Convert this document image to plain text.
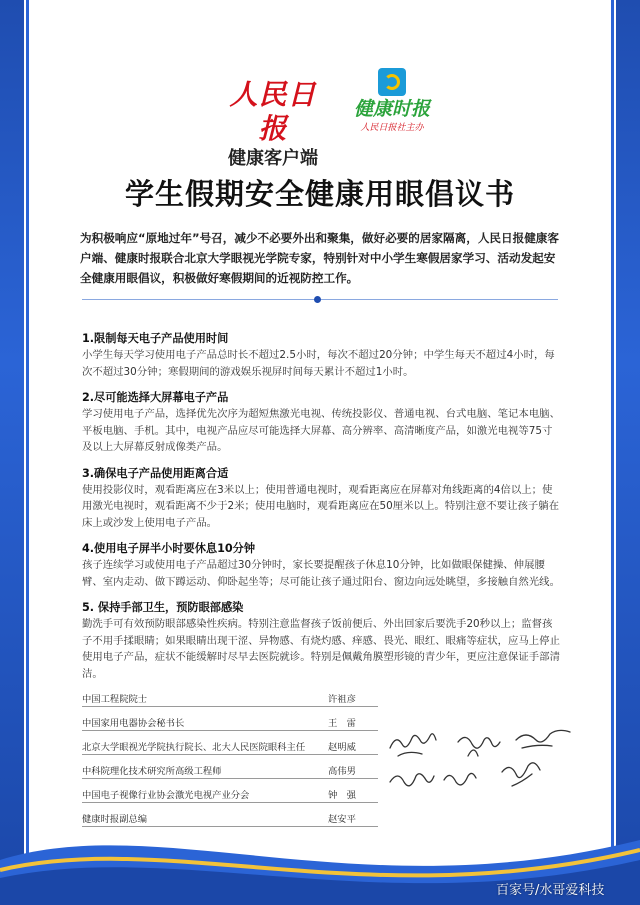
人民日报
健康客户端
健康时报
人民日报社主办
学生假期安全健康用眼倡议书
为积极响应“原地过年”号召，减少不必要外出和聚集，做好必要的居家隔离，人民日报健康客户端、健康时报联合北京大学眼视光学院专家，特别针对中小学生寒假居家学习、活动发起安全健康用眼倡议，积极做好寒假期间的近视防控工作。
1.限制每天电子产品使用时间

小学生每天学习使用电子产品总时长不超过2.5小时，每次不超过20分钟；中学生每天不超过4小时，每次不超过30分钟；寒假期间的游戏娱乐视屏时间每天累计不超过1小时。

2.尽可能选择大屏幕电子产品

学习使用电子产品，选择优先次序为超短焦激光电视、传统投影仪、普通电视、台式电脑、笔记本电脑、平板电脑、手机。其中，电视产品应尽可能选择大屏幕、高分辨率、高清晰度产品，如激光电视等75寸及以上大屏幕反射成像类产品。

3.确保电子产品使用距离合适

使用投影仪时，观看距离应在3米以上；使用普通电视时，观看距离应在屏幕对角线距离的4倍以上；使用激光电视时，观看距离不少于2米；使用电脑时，观看距离应在50厘米以上。特别注意不要让孩子躺在床上或沙发上使用电子产品。

4.使用电子屏半小时要休息10分钟

孩子连续学习或使用电子产品超过30分钟时，家长要提醒孩子休息10分钟，比如做眼保健操、伸展腰臂、室内走动、做下蹲运动、仰卧起坐等；尽可能让孩子通过阳台、窗边向远处眺望，多接触自然光线。

5. 保持手部卫生，预防眼部感染

勤洗手可有效预防眼部感染性疾病。特别注意监督孩子饭前便后、外出回家后要洗手20秒以上；监督孩子不用手揉眼睛；如果眼睛出现干涩、异物感、有烧灼感、痒感、畏光、眼红、眼痛等症状，应马上停止使用电子产品，症状不能缓解时尽早去医院就诊。特别是佩戴角膜塑形镜的青少年，更应注意保证手部清洁。

中国工程院院士	许祖彦
中国家用电器协会秘书长	王　雷
北京大学眼视光学院执行院长、北大人民医院眼科主任 赵明威
中科院理化技术研究所高级工程师	高伟男
中国电子视像行业协会激光电视产业分会	钟　强
健康时报副总编	赵安平
百家号/水哥爱科技
